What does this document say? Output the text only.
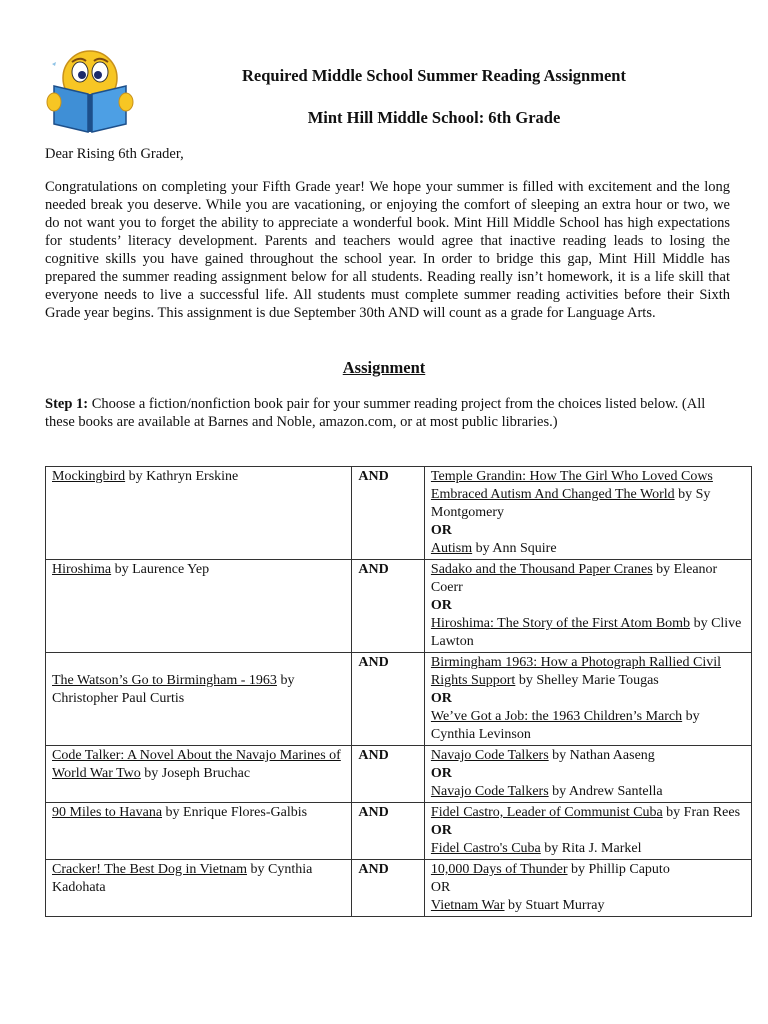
Required Middle School Summer Reading Assignment
Mint Hill Middle School: 6th Grade
Dear Rising 6th Grader,
Congratulations on completing your Fifth Grade year! We hope your summer is filled with excitement and the long needed break you deserve. While you are vacationing, or enjoying the comfort of sleeping an extra hour or two, we do not want you to forget the ability to appreciate a wonderful book. Mint Hill Middle School has high expectations for students’ literacy development. Parents and teachers would agree that inactive reading leads to losing the cognitive skills you have gained throughout the school year. In order to bridge this gap, Mint Hill Middle has prepared the summer reading assignment below for all students. Reading really isn’t homework, it is a life skill that everyone needs to live a successful life. All students must complete summer reading activities before their Sixth Grade year begins. This assignment is due September 30th AND will count as a grade for Language Arts.
Assignment
Step 1: Choose a fiction/nonfiction book pair for your summer reading project from the choices listed below. (All these books are available at Barnes and Noble, amazon.com, or at most public libraries.)
Mockingbird by Kathryn Erskine	AND	Temple Grandin: How The Girl Who Loved Cows Embraced Autism And Changed The World by Sy Montgomery
OR
Autism by Ann Squire
Hiroshima by Laurence Yep	AND	Sadako and the Thousand Paper Cranes by Eleanor Coerr
OR
Hiroshima: The Story of the First Atom Bomb by Clive Lawton

The Watson’s Go to Birmingham - 1963 by Christopher Paul Curtis	AND	Birmingham 1963: How a Photograph Rallied Civil Rights Support by Shelley Marie Tougas
OR
We’ve Got a Job: the 1963 Children’s March by Cynthia Levinson
Code Talker: A Novel About the Navajo Marines of World War Two by Joseph Bruchac	AND	Navajo Code Talkers by Nathan Aaseng
OR
Navajo Code Talkers by Andrew Santella
90 Miles to Havana by Enrique Flores-Galbis	AND	Fidel Castro, Leader of Communist Cuba by Fran Rees
OR
Fidel Castro's Cuba by Rita J. Markel
Cracker! The Best Dog in Vietnam by Cynthia Kadohata	AND	10,000 Days of Thunder by Phillip Caputo
OR
Vietnam War by Stuart Murray
